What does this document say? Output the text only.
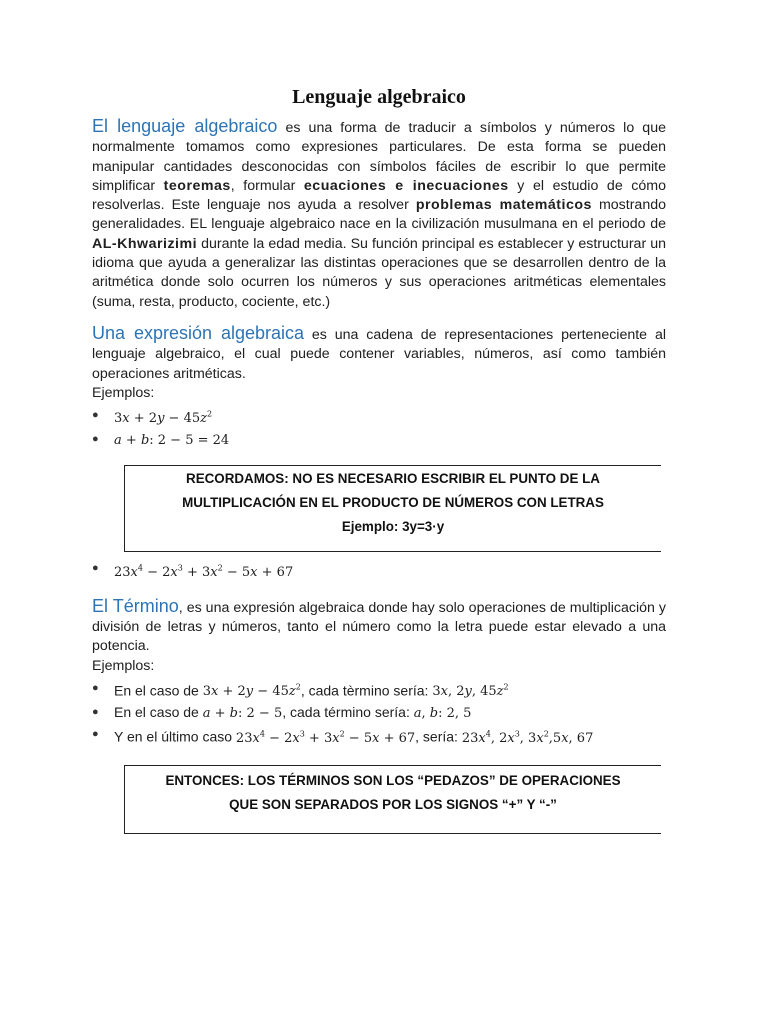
Lenguaje algebraico

El lenguaje algebraico es una forma de traducir a símbolos y números lo que normalmente tomamos como expresiones particulares. De esta forma se pueden manipular cantidades desconocidas con símbolos fáciles de escribir lo que permite simplificar teoremas, formular ecuaciones e inecuaciones y el estudio de cómo resolverlas. Este lenguaje nos ayuda a resolver problemas matemáticos mostrando generalidades. EL lenguaje algebraico nace en la civilización musulmana en el periodo de AL-Khwarizimi durante la edad media. Su función principal es establecer y estructurar un idioma que ayuda a generalizar las distintas operaciones que se desarrollen dentro de la aritmética donde solo ocurren los números y sus operaciones aritméticas elementales (suma, resta, producto, cociente, etc.)

Una expresión algebraica es una cadena de representaciones perteneciente al lenguaje algebraico, el cual puede contener variables, números, así como también operaciones aritméticas.

Ejemplos:

● $3x + 2y - 45z^2$
● a + b: 2 − 5 = 24
RECORDAMOS: NO ES NECESARIO ESCRIBIR EL PUNTO DE LA
MULTIPLICACIÓN EN EL PRODUCTO DE NÚMEROS CON LETRAS
Ejemplo: 3y=3·y
● $23x^4 - 2x^3 + 3x^2 - 5x + 67$

El Término, es una expresión algebraica donde hay solo operaciones de multiplicación y división de letras y números, tanto el número como la letra puede estar elevado a una potencia.

Ejemplos:

● En el caso de $3x + 2y - 45z^2$, cada tèrmino sería: 3x, 2y, $45z^2$
● En el caso de a + b: 2 − 5, cada término sería: a, b: 2, 5
● Y en el último caso $23x^4 - 2x^3 + 3x^2 - 5x + 67$, sería: $23x^4$, $2x^3$, $3x^2,5x$, 67
ENTONCES: LOS TÉRMINOS SON LOS “PEDAZOS” DE OPERACIONES
QUE SON SEPARADOS POR LOS SIGNOS “+” Y “-”
